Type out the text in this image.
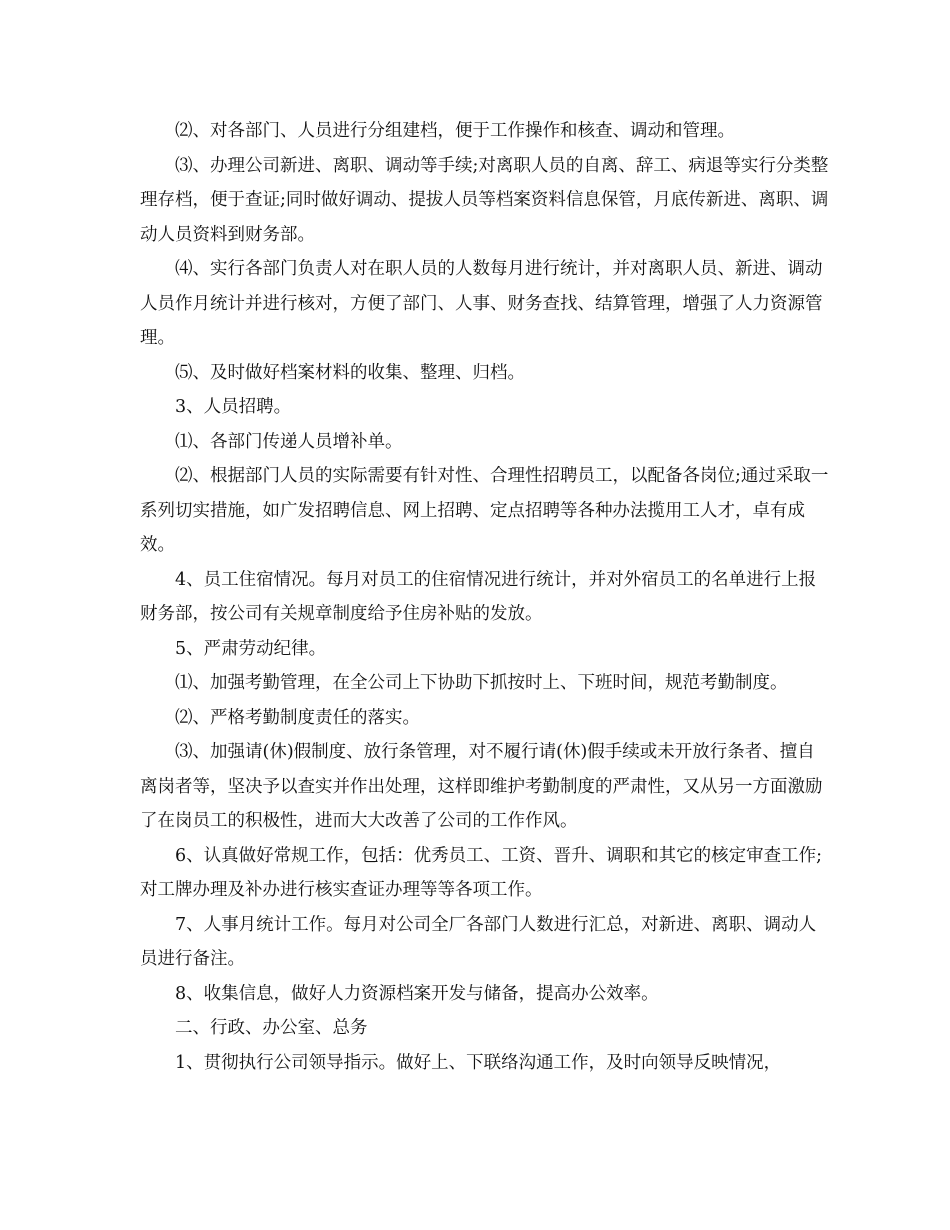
⑵、对各部门、人员进行分组建档，便于工作操作和核查、调动和管理。

⑶、办理公司新进、离职、调动等手续;对离职人员的自离、辞工、病退等实行分类整理存档，便于查证;同时做好调动、提拔人员等档案资料信息保管，月底传新进、离职、调动人员资料到财务部。

⑷、实行各部门负责人对在职人员的人数每月进行统计，并对离职人员、新进、调动人员作月统计并进行核对，方便了部门、人事、财务查找、结算管理，增强了人力资源管理。

⑸、及时做好档案材料的收集、整理、归档。

3、人员招聘。

⑴、各部门传递人员增补单。

⑵、根据部门人员的实际需要有针对性、合理性招聘员工，以配备各岗位;通过采取一系列切实措施，如广发招聘信息、网上招聘、定点招聘等各种办法揽用工人才，卓有成效。

4、员工住宿情况。每月对员工的住宿情况进行统计，并对外宿员工的名单进行上报财务部，按公司有关规章制度给予住房补贴的发放。

5、严肃劳动纪律。

⑴、加强考勤管理，在全公司上下协助下抓按时上、下班时间，规范考勤制度。

⑵、严格考勤制度责任的落实。

⑶、加强请(休)假制度、放行条管理，对不履行请(休)假手续或未开放行条者、擅自离岗者等，坚决予以查实并作出处理，这样即维护考勤制度的严肃性，又从另一方面激励了在岗员工的积极性，进而大大改善了公司的工作作风。

6、认真做好常规工作，包括：优秀员工、工资、晋升、调职和其它的核定审查工作;对工牌办理及补办进行核实查证办理等等各项工作。

7、人事月统计工作。每月对公司全厂各部门人数进行汇总，对新进、离职、调动人员进行备注。

8、收集信息，做好人力资源档案开发与储备，提高办公效率。

二、行政、办公室、总务

1、贯彻执行公司领导指示。做好上、下联络沟通工作，及时向领导反映情况，
